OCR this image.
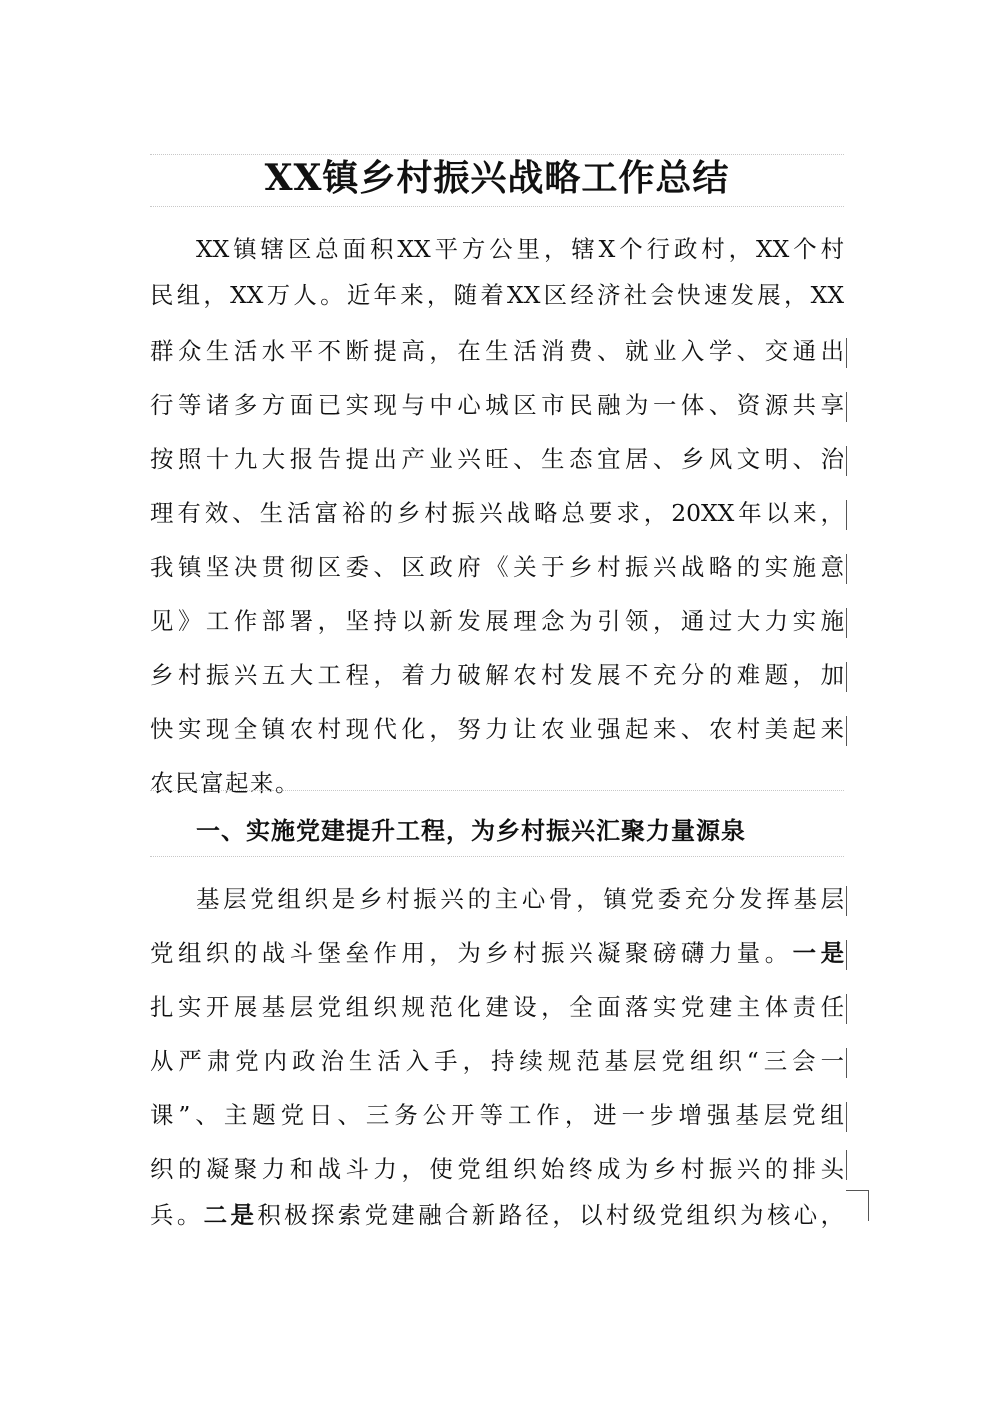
XX镇乡村振兴战略工作总结
XX镇辖区总面积XX平方公里，辖X个行政村，XX个村
民组，XX万人。近年来，随着XX区经济社会快速发展，XX
群众生活水平不断提高，在生活消费、就业入学、交通出
行等诸多方面已实现与中心城区市民融为一体、资源共享
按照十九大报告提出产业兴旺、生态宜居、乡风文明、治
理有效、生活富裕的乡村振兴战略总要求，20XX年以来，
我镇坚决贯彻区委、区政府《关于乡村振兴战略的实施意
见》工作部署，坚持以新发展理念为引领，通过大力实施
乡村振兴五大工程，着力破解农村发展不充分的难题，加
快实现全镇农村现代化，努力让农业强起来、农村美起来
农民富起来。
一、实施党建提升工程，为乡村振兴汇聚力量源泉
基层党组织是乡村振兴的主心骨，镇党委充分发挥基层
党组织的战斗堡垒作用，为乡村振兴凝聚磅礴力量。一是
扎实开展基层党组织规范化建设，全面落实党建主体责任
从严肃党内政治生活入手，持续规范基层党组织“三会一
课”、主题党日、三务公开等工作，进一步增强基层党组
织的凝聚力和战斗力，使党组织始终成为乡村振兴的排头
兵。二是积极探索党建融合新路径，以村级党组织为核心，
